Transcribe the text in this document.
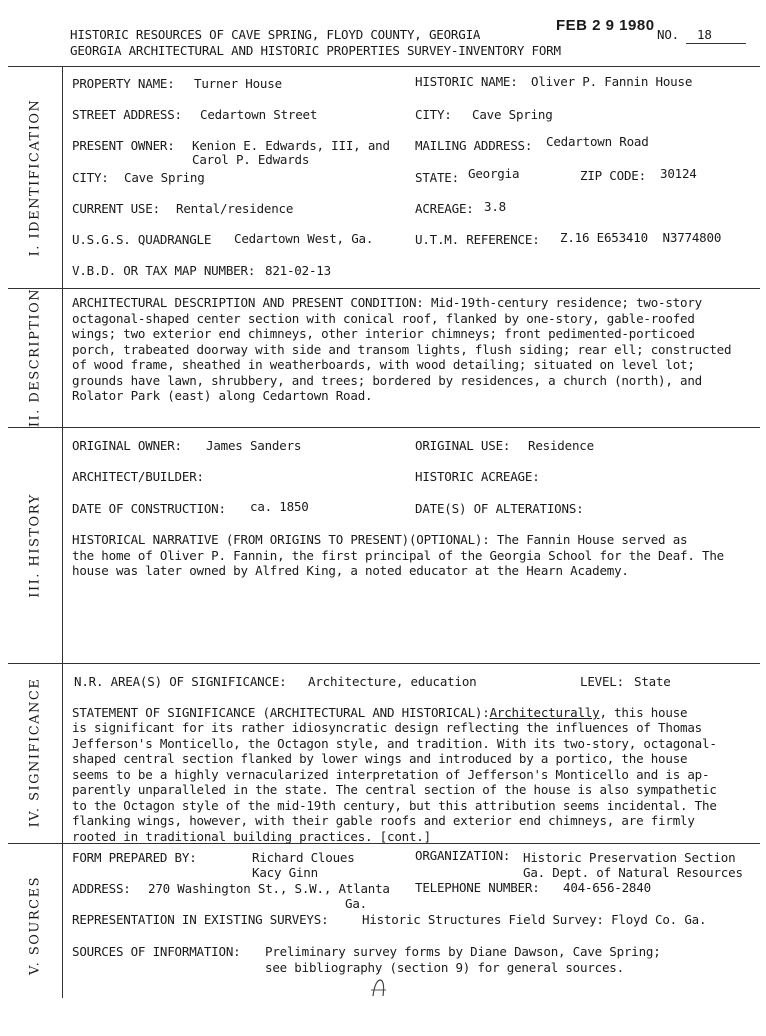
HISTORIC RESOURCES OF CAVE SPRING, FLOYD COUNTY, GEORGIA
GEORGIA ARCHITECTURAL AND HISTORIC PROPERTIES SURVEY-INVENTORY FORM
FEB 2 9 1980
NO. 18
I. IDENTIFICATION
II. DESCRIPTION
III. HISTORY
IV. SIGNIFICANCE
V. SOURCES
PROPERTY NAME: Turner House	HISTORIC NAME: Oliver P. Fannin House
STREET ADDRESS: Cedartown Street	CITY: Cave Spring
PRESENT OWNER: Kenion E. Edwards, III, and
Carol P. Edwards
MAILING ADDRESS: Cedartown Road
CITY: Cave Spring	STATE: Georgia	ZIP CODE: 30124
CURRENT USE: Rental/residence	ACREAGE: 3.8
U.S.G.S. QUADRANGLE Cedartown West, Ga.	U.T.M. REFERENCE: Z.16 E653410  N3774800
V.B.D. OR TAX MAP NUMBER: 821-02-13
ARCHITECTURAL DESCRIPTION AND PRESENT CONDITION: Mid-19th-century residence; two-story
octagonal-shaped center section with conical roof, flanked by one-story, gable-roofed
wings; two exterior end chimneys, other interior chimneys; front pedimented-porticoed
porch, trabeated doorway with side and transom lights, flush siding; rear ell; constructed
of wood frame, sheathed in weatherboards, with wood detailing; situated on level lot;
grounds have lawn, shrubbery, and trees; bordered by residences, a church (north), and
Rolator Park (east) along Cedartown Road.
ORIGINAL OWNER: James Sanders	ORIGINAL USE: Residence
ARCHITECT/BUILDER:	HISTORIC ACREAGE:
DATE OF CONSTRUCTION: ca. 1850	DATE(S) OF ALTERATIONS:
HISTORICAL NARRATIVE (FROM ORIGINS TO PRESENT)(OPTIONAL): The Fannin House served as
the home of Oliver P. Fannin, the first principal of the Georgia School for the Deaf. The
house was later owned by Alfred King, a noted educator at the Hearn Academy.
N.R. AREA(S) OF SIGNIFICANCE: Architecture, education	LEVEL: State
STATEMENT OF SIGNIFICANCE (ARCHITECTURAL AND HISTORICAL):Architecturally, this house
is significant for its rather idiosyncratic design reflecting the influences of Thomas
Jefferson's Monticello, the Octagon style, and tradition. With its two-story, octagonal-
shaped central section flanked by lower wings and introduced by a portico, the house
seems to be a highly vernacularized interpretation of Jefferson's Monticello and is ap-
parently unparalleled in the state. The central section of the house is also sympathetic
to the Octagon style of the mid-19th century, but this attribution seems incidental. The
flanking wings, however, with their gable roofs and exterior end chimneys, are firmly
rooted in traditional building practices. [cont.]
FORM PREPARED BY:	Richard Cloues
Kacy Ginn
ORGANIZATION: Historic Preservation Section
Ga. Dept. of Natural Resources
ADDRESS: 270 Washington St., S.W., Atlanta
Ga.
TELEPHONE NUMBER: 404-656-2840
REPRESENTATION IN EXISTING SURVEYS:	Historic Structures Field Survey: Floyd Co. Ga.
SOURCES OF INFORMATION: Preliminary survey forms by Diane Dawson, Cave Spring;
see bibliography (section 9) for general sources.
